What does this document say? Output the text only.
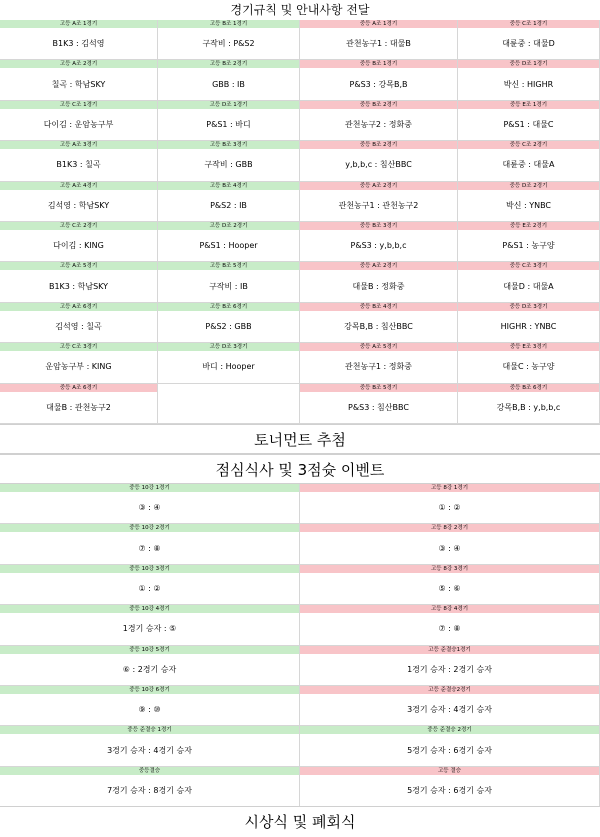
경기규칙 및 안내사항 전달
고등 A조 1경기
B1K3 : 김석영
고등 B조 1경기
구작비 : P&S2
중등 A조 1경기
관천농구1 : 대물B
중등 C조 1경기
대륜중 : 대물D
고등 A조 2경기
칠곡 : 학남SKY
고등 B조 2경기
GBB : IB
중등 B조 1경기
P&S3 : 강목B,B
중등 D조 1경기
박신 : HIGHR
고등 C조 1경기
다이김 : 운암농구부
고등 D조 1경기
P&S1 : 바디
중등 B조 2경기
관천농구2 : 정화중
중등 E조 1경기
P&S1 : 대물C
고등 A조 3경기
B1K3 : 칠곡
고등 B조 3경기
구작비 : GBB
중등 B조 2경기
y,b,b,c : 침산BBC
중등 C조 2경기
대륜중 : 대물A
고등 A조 4경기
김석영 : 학남SKY
고등 B조 4경기
P&S2 : IB
중등 A조 2경기
관천농구1 : 관천농구2
중등 D조 2경기
박신 : YNBC
고등 C조 2경기
다이김 : KING
고등 D조 2경기
P&S1 : Hooper
중등 B조 3경기
P&S3 : y,b,b,c
중등 E조 2경기
P&S1 : 농구양
고등 A조 5경기
B1K3 : 학남SKY
고등 B조 5경기
구작비 : IB
중등 A조 2경기
대물B : 정화중
중등 C조 3경기
대물D : 대물A
고등 A조 6경기
김석영 : 칠곡
고등 B조 6경기
P&S2 : GBB
중등 B조 4경기
강목B,B : 침산BBC
중등 D조 3경기
HIGHR : YNBC
고등 C조 3경기
운암농구부 : KING
고등 D조 3경기
바디 : Hooper
중등 A조 5경기
관천농구1 : 정화중
중등 E조 3경기
대물C : 농구양
중등 A조 6경기
대물B : 관천농구2
중등 B조 5경기
P&S3 : 침산BBC
중등 B조 6경기
강목B,B : y,b,b,c
토너먼트 추첨
점심식사 및 3점슛 이벤트
중등 10강 1경기
③ : ④
고등 8강 1경기
① : ②
중등 10강 2경기
⑦ : ⑧
고등 8강 2경기
③ : ④
중등 10강 3경기
① : ②
고등 8강 3경기
⑤ : ⑥
중등 10강 4경기
1경기 승자 : ⑤
고등 8강 4경기
⑦ : ⑧
중등 10강 5경기
⑥ : 2경기 승자
고등 준결승1경기
1경기 승자 : 2경기 승자
중등 10강 6경기
⑨ : ⑩
고등 준결승2경기
3경기 승자 : 4경기 승자
중등 준결승 1경기
3경기 승자 : 4경기 승자
중등 준결승 2경기
5경기 승자 : 6경기 승자
중등결승
7경기 승자 : 8경기 승자
고등 결승
5경기 승자 : 6경기 승자
시상식 및 폐회식
